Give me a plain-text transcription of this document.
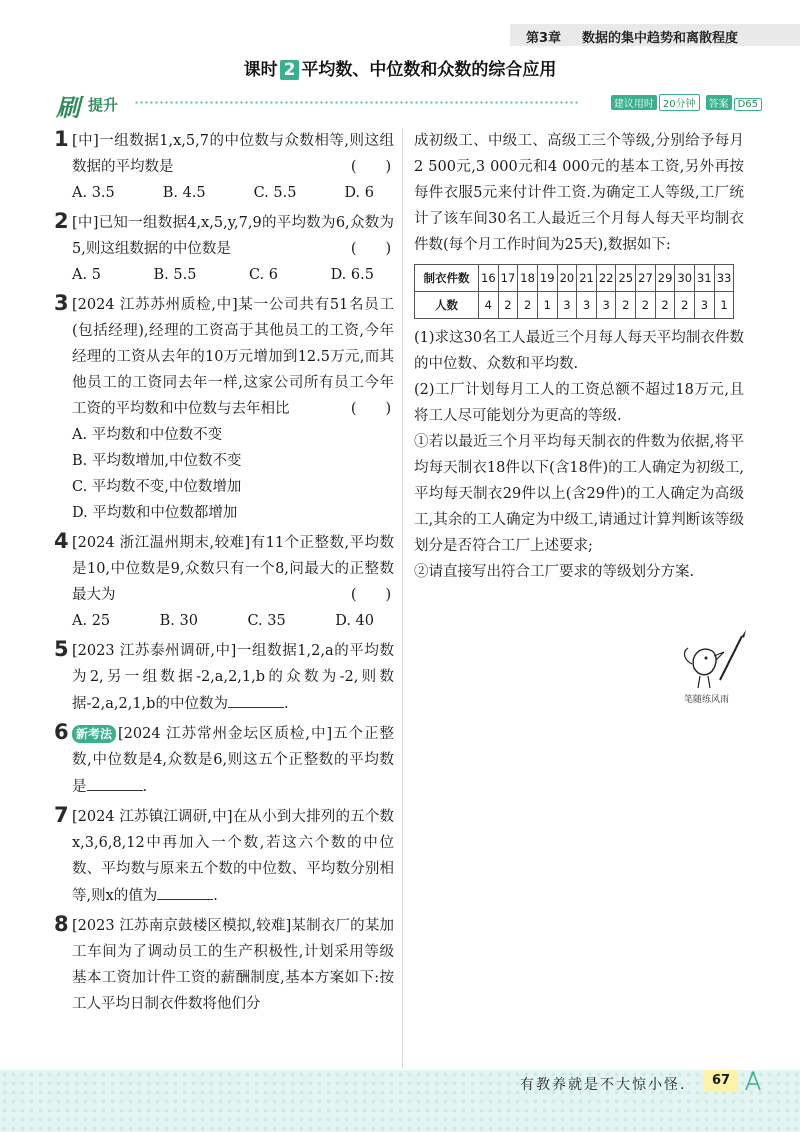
第3章 数据的集中趋势和离散程度
课时 2 平均数、中位数和众数的综合应用
刷 提升	建议用时 20分钟 答案 D65
1 [中]一组数据1,x,5,7的中位数与众数相等,则这组数据的平均数是	(　　)
A. 3.5	B. 4.5	C. 5.5	D. 6
2 [中]已知一组数据4,x,5,y,7,9的平均数为6,众数为5,则这组数据的中位数是	(　　)
A. 5	B. 5.5	C. 6	D. 6.5
3 [2024 江苏苏州质检,中]某一公司共有51名员工(包括经理),经理的工资高于其他员工的工资,今年经理的工资从去年的10万元增加到12.5万元,而其他员工的工资同去年一样,这家公司所有员工今年工资的平均数和中位数与去年相比	(　　)
A. 平均数和中位数不变
B. 平均数增加,中位数不变
C. 平均数不变,中位数增加
D. 平均数和中位数都增加
4 [2024 浙江温州期末,较难]有11个正整数,平均数是10,中位数是9,众数只有一个8,问最大的正整数最大为	(　　)
A. 25	B. 30	C. 35	D. 40
5 [2023 江苏泰州调研,中]一组数据1,2,a的平均数为2,另一组数据-2,a,2,1,b的众数为-2,则数据-2,a,2,1,b的中位数为	.
6 新考法 [2024 江苏常州金坛区质检,中]五个正整数,中位数是4,众数是6,则这五个正整数的平均数是	.
7 [2024 江苏镇江调研,中]在从小到大排列的五个数x,3,6,8,12中再加入一个数,若这六个数的中位数、平均数与原来五个数的中位数、平均数分别相等,则x的值为	.
8 [2023 江苏南京鼓楼区模拟,较难]某制衣厂的某加工车间为了调动员工的生产积极性,计划采用等级基本工资加计件工资的薪酬制度,基本方案如下:按工人平均日制衣件数将他们分
成初级工、中级工、高级工三个等级,分别给予每月2 500元,3 000元和4 000元的基本工资,另外再按每件衣服5元来付计件工资.为确定工人等级,工厂统计了该车间30名工人最近三个月每人每天平均制衣件数(每个月工作时间为25天),数据如下:
制衣件数	16	17	18	19	20	21	22	25	27	29	30	31	33
人数	4	2	2	1	3	3	3	2	2	2	2	3	1
(1)求这30名工人最近三个月每人每天平均制衣件数的中位数、众数和平均数.
(2)工厂计划每月工人的工资总额不超过18万元,且将工人尽可能划分为更高的等级.
①若以最近三个月平均每天制衣的件数为依据,将平均每天制衣18件以下(含18件)的工人确定为初级工,平均每天制衣29件以上(含29件)的工人确定为高级工,其余的工人确定为中级工,请通过计算判断该等级划分是否符合工厂上述要求;
②请直接写出符合工厂要求的等级划分方案.
笔随练风雨
有教养就是不大惊小怪.	67
